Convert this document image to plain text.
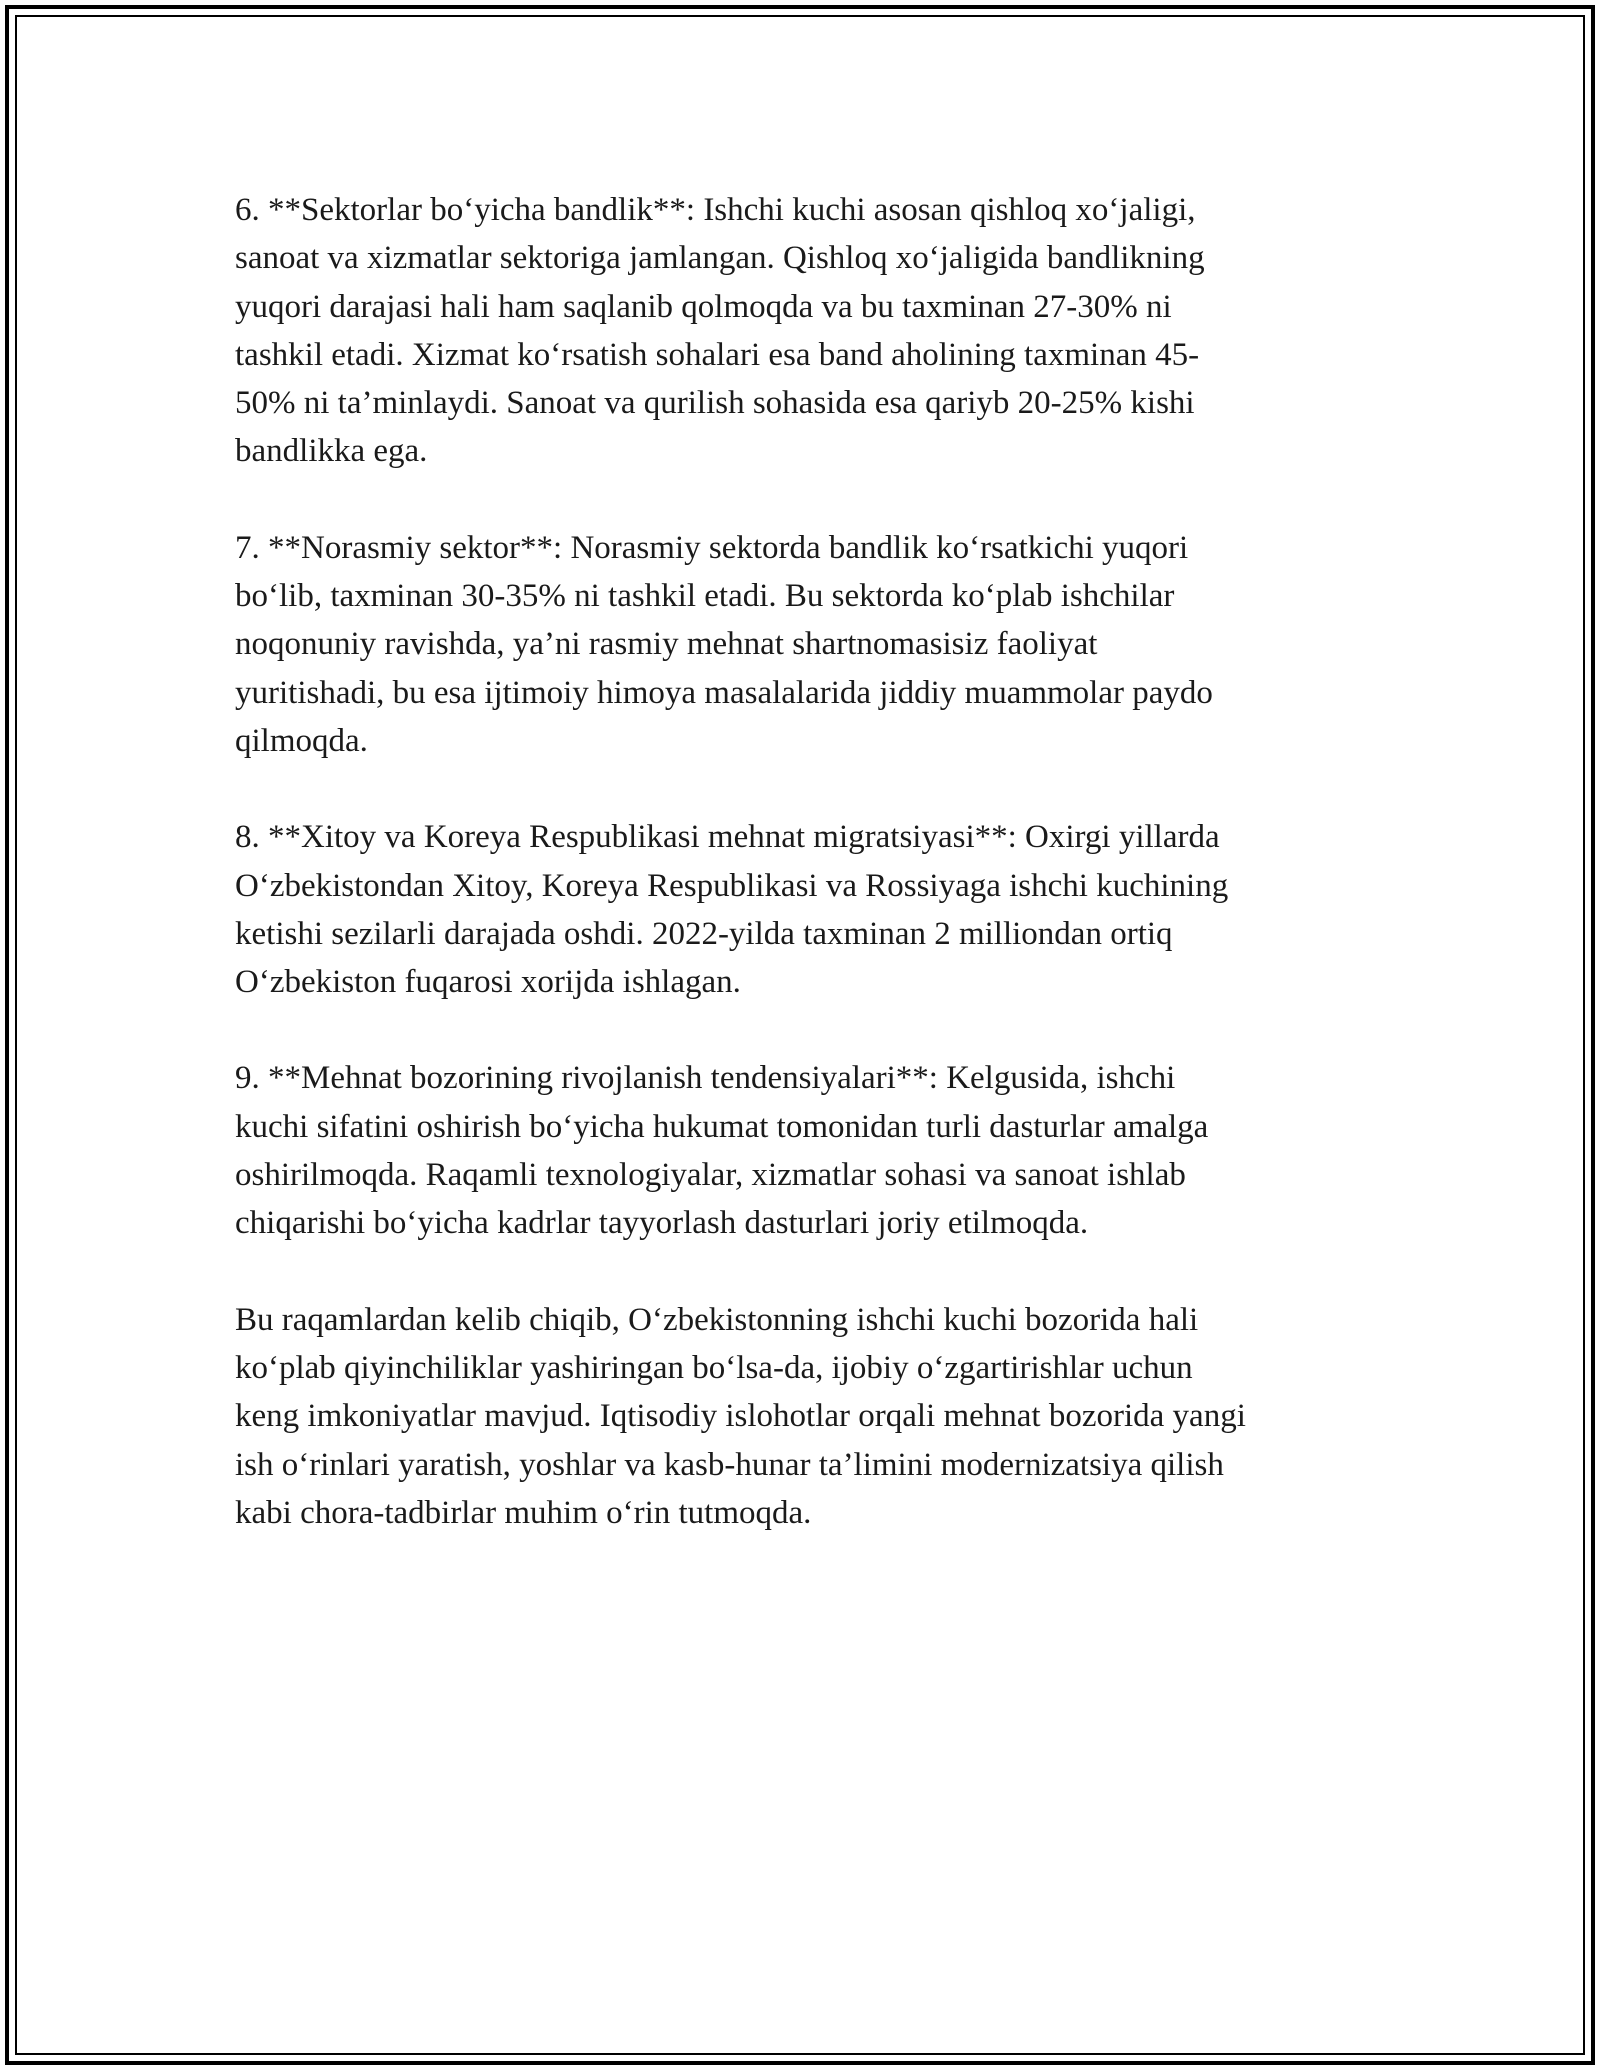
6. **Sektorlar bo‘yicha bandlik**: Ishchi kuchi asosan qishloq xo‘jaligi,
sanoat va xizmatlar sektoriga jamlangan. Qishloq xo‘jaligida bandlikning
yuqori darajasi hali ham saqlanib qolmoqda va bu taxminan 27-30% ni
tashkil etadi. Xizmat ko‘rsatish sohalari esa band aholining taxminan 45-
50% ni ta’minlaydi. Sanoat va qurilish sohasida esa qariyb 20-25% kishi
bandlikka ega.

7. **Norasmiy sektor**: Norasmiy sektorda bandlik ko‘rsatkichi yuqori
bo‘lib, taxminan 30-35% ni tashkil etadi. Bu sektorda ko‘plab ishchilar
noqonuniy ravishda, ya’ni rasmiy mehnat shartnomasisiz faoliyat
yuritishadi, bu esa ijtimoiy himoya masalalarida jiddiy muammolar paydo
qilmoqda.

8. **Xitoy va Koreya Respublikasi mehnat migratsiyasi**: Oxirgi yillarda
O‘zbekistondan Xitoy, Koreya Respublikasi va Rossiyaga ishchi kuchining
ketishi sezilarli darajada oshdi. 2022-yilda taxminan 2 milliondan ortiq
O‘zbekiston fuqarosi xorijda ishlagan.

9. **Mehnat bozorining rivojlanish tendensiyalari**: Kelgusida, ishchi
kuchi sifatini oshirish bo‘yicha hukumat tomonidan turli dasturlar amalga
oshirilmoqda. Raqamli texnologiyalar, xizmatlar sohasi va sanoat ishlab
chiqarishi bo‘yicha kadrlar tayyorlash dasturlari joriy etilmoqda.

Bu raqamlardan kelib chiqib, O‘zbekistonning ishchi kuchi bozorida hali
ko‘plab qiyinchiliklar yashiringan bo‘lsa-da, ijobiy o‘zgartirishlar uchun
keng imkoniyatlar mavjud. Iqtisodiy islohotlar orqali mehnat bozorida yangi
ish o‘rinlari yaratish, yoshlar va kasb-hunar ta’limini modernizatsiya qilish
kabi chora-tadbirlar muhim o‘rin tutmoqda.
